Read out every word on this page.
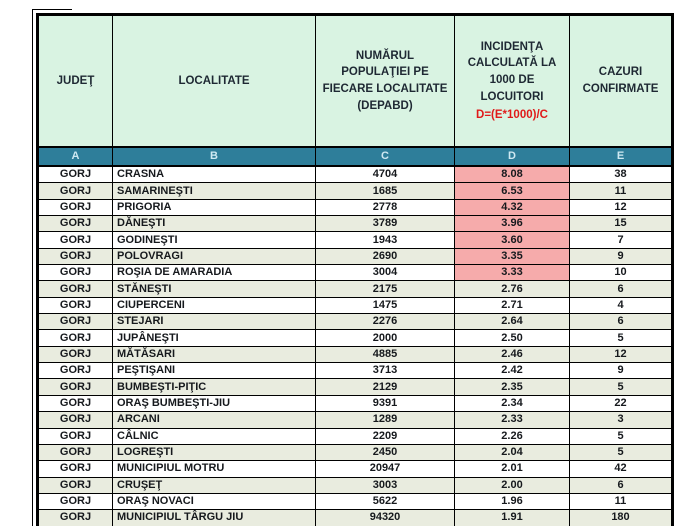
JUDEŢ	LOCALITATE	NUMĂRUL POPULAŢIEI PE FIECARE LOCALITATE (DEPABD)	INCIDENŢA CALCULATĂ LA 1000 DE LOCUITORI
D=(E*1000)/C	CAZURI CONFIRMATE
A	B	C	D	E
GORJ	CRASNA	4704	8.08	38
GORJ	SAMARINEŞTI	1685	6.53	11
GORJ	PRIGORIA	2778	4.32	12
GORJ	DĂNEŞTI	3789	3.96	15
GORJ	GODINEŞTI	1943	3.60	7
GORJ	POLOVRAGI	2690	3.35	9
GORJ	ROŞIA DE AMARADIA	3004	3.33	10
GORJ	STĂNEŞTI	2175	2.76	6
GORJ	CIUPERCENI	1475	2.71	4
GORJ	STEJARI	2276	2.64	6
GORJ	JUPÂNEŞTI	2000	2.50	5
GORJ	MĂTĂSARI	4885	2.46	12
GORJ	PEŞTIŞANI	3713	2.42	9
GORJ	BUMBEŞTI-PIŢIC	2129	2.35	5
GORJ	ORAŞ BUMBEŞTI-JIU	9391	2.34	22
GORJ	ARCANI	1289	2.33	3
GORJ	CÂLNIC	2209	2.26	5
GORJ	LOGREŞTI	2450	2.04	5
GORJ	MUNICIPIUL MOTRU	20947	2.01	42
GORJ	CRUŞEŢ	3003	2.00	6
GORJ	ORAŞ NOVACI	5622	1.96	11
GORJ	MUNICIPIUL TÂRGU JIU	94320	1.91	180
